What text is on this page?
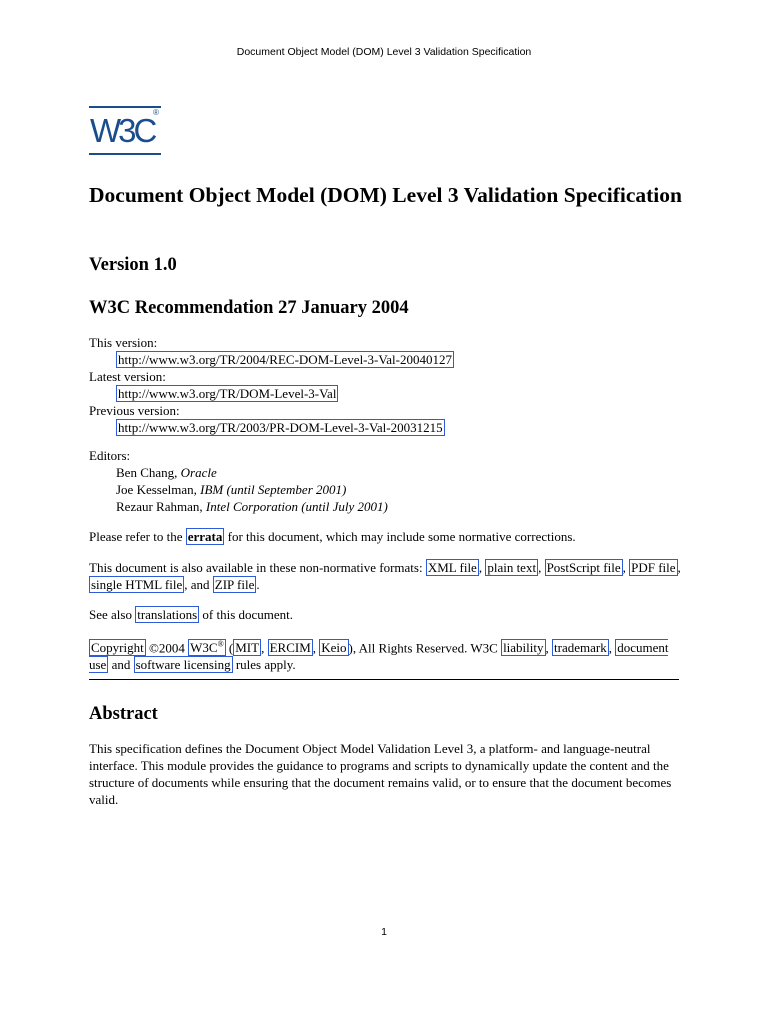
Document Object Model (DOM) Level 3 Validation Specification
W3C
®
Document Object Model (DOM) Level 3 Validation Specification
Version 1.0
W3C Recommendation 27 January 2004
This version:
http://www.w3.org/TR/2004/REC-DOM-Level-3-Val-20040127
Latest version:
http://www.w3.org/TR/DOM-Level-3-Val
Previous version:
http://www.w3.org/TR/2003/PR-DOM-Level-3-Val-20031215
Editors:
Ben Chang, Oracle
Joe Kesselman, IBM (until September 2001)
Rezaur Rahman, Intel Corporation (until July 2001)
Please refer to the errata for this document, which may include some normative corrections.
This document is also available in these non-normative formats: XML file , plain text , PostScript file , PDF file , single HTML file , and ZIP file .
See also translations of this document.
Copyright ©2004 W3C® ( MIT , ERCIM , Keio ), All Rights Reserved. W3C liability , trademark , document use and software licensing rules apply.
Abstract
This specification defines the Document Object Model Validation Level 3, a platform- and language-neutral interface. This module provides the guidance to programs and scripts to dynamically update the content and the structure of documents while ensuring that the document remains valid, or to ensure that the document becomes valid.
1
